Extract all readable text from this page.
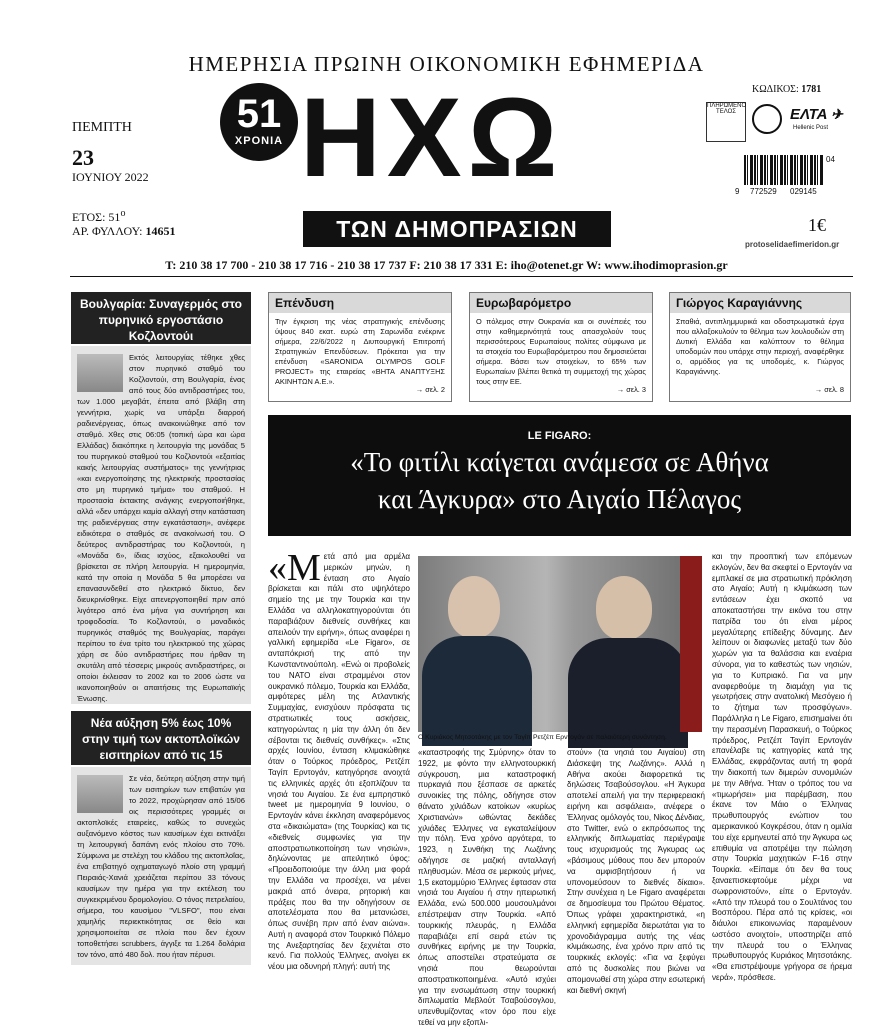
ΗΜΕΡΗΣΙΑ ΠΡΩΙΝΗ ΟΙΚΟΝΟΜΙΚΗ ΕΦΗΜΕΡΙΔΑ
ΠΕΜΠΤΗ
23
ΙΟΥΝΙΟΥ 2022
ΕΤΟΣ: $51^o$
ΑΡ. ΦΥΛΛΟΥ: 14651
51
ΧΡΟΝΙΑ ΗΧΩ
ΤΩΝ ΔΗΜΟΠΡΑΣΙΩΝ
ΚΩΔΙΚΟΣ: 1781
ΠΛΗΡΩΜΕΝΟ ΤΕΛΟΣ	ΕΛΤΑ ✈
Hellenic Post
04
9 772529 029145
1€
protoselidaefimeridon.gr
T: 210 38 17 700 - 210 38 17 716 - 210 38 17 737 F: 210 38 17 331 E: iho@otenet.gr W: www.ihodimoprasion.gr
Βουλγαρία: Συναγερμός στο πυρηνικό εργοστάσιο Κοζλοντούι
Εκτός λειτουργίας τέθηκε χθες στον πυρηνικό σταθμό του Κοζλοντούι, στη Βουλγαρία, ένας από τους δύο αντιδραστήρες του, των 1.000 μεγαβάτ, έπειτα από βλάβη στη γεννήτρια, χωρίς να υπάρξει διαρροή ραδιενέργειας, όπως ανακοινώθηκε από τον σταθμό. Χθες στις 06:05 (τοπική ώρα και ώρα Ελλάδας) διακόπηκε η λειτουργία της μονάδας 5 του πυρηνικού σταθμού του Κοζλοντούι «εξαιτίας κακής λειτουργίας συστήματος» της γεννήτριας «και ενεργοποίησης της ηλεκτρικής προστασίας στο μη πυρηνικό τμήμα» του σταθμού. Η προστασία έκτακτης ανάγκης ενεργοποιήθηκε, αλλά «δεν υπάρχει καμία αλλαγή στην κατάσταση της ραδιενέργειας στην εγκατάσταση», ανέφερε ειδικότερα ο σταθμός σε ανακοίνωσή του. Ο δεύτερος αντιδραστήρας του Κοζλοντούι, η «Μονάδα 6», ίδιας ισχύος, εξακολουθεί να βρίσκεται σε πλήρη λειτουργία. Η ημερομηνία, κατά την οποία η Μονάδα 5 θα μπορέσει να επανασυνδεθεί στο ηλεκτρικό δίκτυο, δεν διευκρινίσθηκε. Είχε απενεργοποιηθεί πριν από λιγότερο από ένα μήνα για συντήρηση και τροφοδοσία. Το Κοζλοντούι, ο μοναδικός πυρηνικός σταθμός της Βουλγαρίας, παράγει περίπου το ένα τρίτο του ηλεκτρικού της χώρας χάρη σε δύο αντιδραστήρες που ήρθαν τη σκυτάλη από τέσσερις μικρούς αντιδραστήρες, οι οποίοι έκλεισαν το 2002 και το 2006 ώστε να ικανοποιηθούν οι απαιτήσεις της Ευρωπαϊκής Ένωσης.
Νέα αύξηση 5% έως 10% στην τιμή των ακτοπλοϊκών εισιτηρίων από τις 15
Σε νέα, δεύτερη αύξηση στην τιμή των εισιτηρίων των επιβατών για το 2022, προχώρησαν από 15/06 οις περισσότερες γραμμές οι ακτοπλοϊκές εταιρείες, καθώς το συνεχώς αυξανόμενο κόστος των καυσίμων έχει εκτινάξει τη λειτουργική δαπάνη ενός πλοίου στο 70%. Σύμφωνα με στελέχη του κλάδου της ακτοπλοΐας, ένα επιβατηγό οχηματαγωγό πλοίο στη γραμμή Πειραιάς-Χανιά χρειάζεται περίπου 33 τόνους καυσίμων την ημέρα για την εκτέλεση του συγκεκριμένου δρομολογίου. Ο τόνος πετρελαίου, σήμερα, του καυσίμου "VLSFO", που είναι χαμηλής περιεκτικότητας σε θείο και χρησιμοποιείται σε πλοία που δεν έχουν τοποθετήσει scrubbers, άγγιξε τα 1.264 δολάρια τον τόνο, από 480 δολ. που ήταν πέρυσι.
Επένδυση
Την έγκριση της νέας στρατηγικής επένδυσης ύψους 840 εκατ. ευρώ στη Σαρωνίδα ενέκρινε σήμερα, 22/6/2022 η Διυπουργική Επιτροπή Στρατηγικών Επενδύσεων. Πρόκειται για την επένδυση «SARONIDA OLYMPOS GOLF PROJECT» της εταιρείας «ΒΗΤΑ ΑΝΑΠΤΥΞΗΣ ΑΚΙΝΗΤΩΝ Α.Ε.».
→ σελ. 2
Ευρωβαρόμετρο
Ο πόλεμος στην Ουκρανία και οι συνέπειές του στην καθημερινότητά τους απασχολούν τους περισσότερους Ευρωπαίους πολίτες σύμφωνα με τα στοιχεία του Ευρωβαρόμετρου που δημοσιεύεται σήμερα. Βάσει των στοιχείων, το 65% των Ευρωπαίων βλέπει θετικά τη συμμετοχή της χώρας τους στην ΕΕ.
→ σελ. 3
Γιώργος Καραγιάννης
Σπαθιά, αντιπλημμυρικά και οδοστρωματικά έργα που αλλαξοκυλούν το θέλημα των λουλουδιών στη Δυτική Ελλάδα και καλύπτουν το θέλημα υποδομών που υπάρχε στην περιοχή, αναφέρθηκε ο, αρμόδιος για τις υποδομές, κ. Γιώργος Καραγιάννης.
→ σελ. 8
LE FIGARO:
«Το φιτίλι καίγεται ανάμεσα σε Αθήνα
και Άγκυρα» στο Αιγαίο Πέλαγος
«Μ ετά από μια αρμέλα μερικών μηνών, η ένταση στο Αιγαίο βρίσκεται και πάλι στο υψηλότερο σημείο της με την Τουρκία και την Ελλάδα να αλληλοκατηγορούνται ότι παραβιάζουν διεθνείς συνθήκες και απειλούν την ειρήνη», όπως αναφέρει η γαλλική εφημερίδα «Le Figaro», σε ανταπόκρισή της από την Κωνσταντινούπολη. «Ενώ οι προβολείς του ΝΑΤΟ είναι στραμμένοι στον ουκρανικό πόλεμο, Τουρκία και Ελλάδα, αμφότερες μέλη της Ατλαντικής Συμμαχίας, ενισχύουν πρόσφατα τις στρατιωτικές τους ασκήσεις, κατηγορώντας η μία την άλλη ότι δεν σέβονται τις διεθνείς συνθήκες». «Στις αρχές Ιουνίου, ένταση κλιμακώθηκε όταν ο Τούρκος πρόεδρος, Ρετζέπ Ταγίπ Ερντογάν, κατηγόρησε ανοιχτά τις ελληνικές αρχές ότι εξοπλίζουν τα νησιά του Αιγαίου. Σε ένα εμπρηστικό tweet με ημερομηνία 9 Ιουνίου, ο Ερντογάν κάνει έκκληση αναφερόμενος στα «δικαιώματα» (της Τουρκίας) και τις «διεθνείς συμφωνίες για την αποστρατιωτικοποίηση των νησιών», δηλώνοντας με απειλητικό ύφος: «Προειδοποιούμε την άλλη μια φορά την Ελλάδα να προσέχει, να μένει μακριά από όνειρα, ρητορική και πράξεις που θα την οδηγήσουν σε αποτελέσματα που θα μετανιώσει, όπως συνέβη πριν από έναν αιώνα». Αυτή η αναφορά στον Τουρκικό Πόλεμο της Ανεξαρτησίας δεν ξεχνιέται στο κενό. Για πολλούς Έλληνες, ανοίγει εκ νέου μια οδυνηρή πληγή: αυτή της
Ο Κυριάκος Μητσοτάκης με τον Ταγίπ Ρετζέπ Ερντογάν σε παλαιότερη συνάντηση.
«καταστροφής της Σμύρνης» όταν το 1922, με φόντο την ελληνοτουρκική σύγκρουση, μια καταστροφική πυρκαγιά που ξέσπασε σε αρκετές συνοικίες της πόλης, οδήγησε στον θάνατο χιλιάδων κατοίκων «κυρίως Χριστιανών» ωθώντας δεκάδες χιλιάδες Έλληνες να εγκαταλείψουν την πόλη. Ένα χρόνο αργότερα, το 1923, η Συνθήκη της Λωζάνης οδήγησε σε μαζική ανταλλαγή πληθυσμών. Μέσα σε μερικούς μήνες, 1,5 εκατομμύριο Έλληνες έφτασαν στα νησιά του Αιγαίου ή στην ηπειρωτική Ελλάδα, ενώ 500.000 μουσουλμάνοι επέστρεψαν στην Τουρκία. «Από τουρκικής πλευράς, η Ελλάδα παραβιάζει επί σειρά ετών τις συνθήκες ειρήνης με την Τουρκία, όπως αποστείλει στρατεύματα σε νησιά που θεωρούνται αποστρατικοποιημένα. «Αυτό ισχύει για την ενσωμάτωση στην τουρκική διπλωματία Μεβλούτ Τσαβούσογλου, υπενθυμίζοντας «τον όρο που είχε τεθεί να μην εξοπλι-
στούν» (τα νησιά του Αιγαίου) στη Διάσκεψη της Λωζάνης». Αλλά η Αθήνα ακούει διαφορετικά τις δηλώσεις Τσαβούσογλου. «Η Άγκυρα αποτελεί απειλή για την περιφερειακή ειρήνη και ασφάλεια», ανέφερε ο Έλληνας ομόλογός του, Νίκος Δένδιας, στο Twitter, ενώ ο εκπρόσωπος της ελληνικής διπλωματίας περιέγραψε τους ισχυρισμούς της Άγκυρας ως «βάσιμους μύθους που δεν μπορούν να αμφισβητήσουν ή να υπονομεύσουν το διεθνές δίκαιο». Στην συνέχεια η Le Figaro αναφέρεται σε δημοσίευμα του Πρώτου Θέματος. Όπως γράφει χαρακτηριστικά, «η ελληνική εφημερίδα διερωτάται για το χρονοδιάγραμμα αυτής της νέας κλιμάκωσης, ένα χρόνο πριν από τις τουρκικές εκλογές: «Για να ξεφύγει από τις δυσκολίες που βιώνει να απομονωθεί στη χώρα στην εσωτερική και διεθνή σκηνή
και την προοπτική των επόμενων εκλογών, δεν θα σκεφτεί ο Ερντογάν να εμπλακεί σε μια στρατιωτική πρόκληση στο Αιγαίο; Αυτή η κλιμάκωση των εντάσεων έχει σκοπό να αποκαταστήσει την εικόνα του στην πατρίδα του ότι είναι μέρος μεγαλύτερης επίδειξης δύναμης. Δεν λείπουν οι διαφωνίες μεταξύ των δύο χωρών για τα θαλάσσια και εναέρια σύνορα, για το καθεστώς των νησιών, για το Κυπριακό. Για να μην αναφερθούμε τη διαμάχη για τις γεωτρήσεις στην ανατολική Μεσόγειο ή το ζήτημα των προσφύγων». Παράλληλα η Le Figaro, επισημαίνει ότι την περασμένη Παρασκευή, ο Τούρκος πρόεδρος, Ρετζέπ Ταγίπ Ερντογάν επανέλαβε τις κατηγορίες κατά της Ελλάδας, εκφράζοντας αυτή τη φορά την διακοπή των διμερών συνομιλιών με την Αθήνα. Ήταν ο τρόπος του να «τιμωρήσει» μια παρέμβαση, που έκανε τον Μάιο ο Έλληνας πρωθυπουργός ενώπιον του αμερικανικού Κογκρέσου, όταν η ομιλία του είχε ερμηνευτεί από την Άγκυρα ως επιθυμία να αποτρέψει την πώληση στην Τουρκία μαχητικών F-16 στην Τουρκία. «Είπαμε ότι δεν θα τους ξαναεπισκεφτούμε μέχρι να σωφρονιστούν», είπε ο Ερντογάν. «Από την πλευρά του ο Σουλτάνος του Βοσπόρου. Πέρα από τις κρίσεις, «οι διάυλοι επικοινωνίας παραμένουν ωστόσο ανοιχτοί», υποστηρίζει από την πλευρά του ο Έλληνας πρωθυπουργός Κυριάκος Μητσοτάκης. «Θα επιστρέψουμε γρήγορα σε ήρεμα νερά», πρόσθεσε.
